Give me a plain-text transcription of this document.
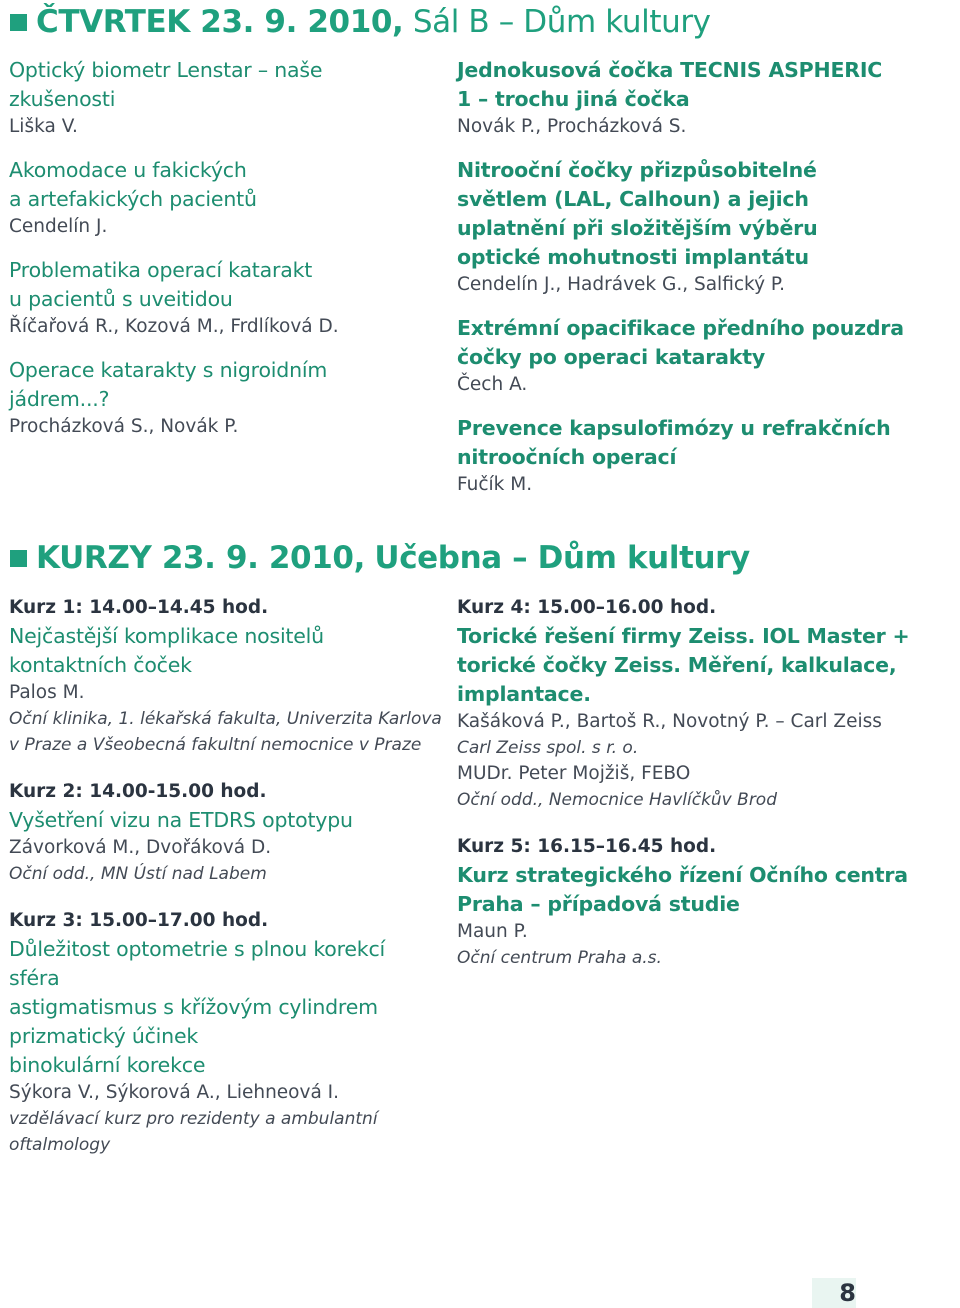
ČTVRTEK 23. 9. 2010, Sál B – Dům kultury
Optický biometr Lenstar – naše
zkušenosti
Liška V.
Akomodace u fakických
a artefakických pacientů
Cendelín J.
Problematika operací katarakt
u pacientů s uveitidou
Říčařová R., Kozová M., Frdlíková D.
Operace katarakty s nigroidním
jádrem...?
Procházková S., Novák P.
Jednokusová čočka TECNIS ASPHERIC
1 – trochu jiná čočka
Novák P., Procházková S.
Nitrooční čočky přizpůsobitelné
světlem (LAL, Calhoun) a jejich
uplatnění při složitějším výběru
optické mohutnosti implantátu
Cendelín J., Hadrávek G., Salfický P.
Extrémní opacifikace předního pouzdra
čočky po operaci katarakty
Čech A.
Prevence kapsulofimózy u refrakčních
nitroočních operací
Fučík M.
KURZY 23. 9. 2010, Učebna – Dům kultury
Kurz 1: 14.00–14.45 hod.
Nejčastější komplikace nositelů
kontaktních čoček
Palos M.
Oční klinika, 1. lékařská fakulta, Univerzita Karlova
v Praze a Všeobecná fakultní nemocnice v Praze
Kurz 2: 14.00-15.00 hod.
Vyšetření vizu na ETDRS optotypu
Závorková M., Dvořáková D.
Oční odd., MN Ústí nad Labem
Kurz 3: 15.00–17.00 hod.
Důležitost optometrie s plnou korekcí
sféra
astigmatismus s křížovým cylindrem
prizmatický účinek
binokulární korekce
Sýkora V., Sýkorová A., Liehneová I.
vzdělávací kurz pro rezidenty a ambulantní
oftalmology
Kurz 4: 15.00–16.00 hod.
Torické řešení firmy Zeiss. IOL Master +
torické čočky Zeiss. Měření, kalkulace,
implantace.
Kašáková P., Bartoš R., Novotný P. – Carl Zeiss
Carl Zeiss spol. s r. o.
MUDr. Peter Mojžiš, FEBO
Oční odd., Nemocnice Havlíčkův Brod
Kurz 5: 16.15–16.45 hod.
Kurz strategického řízení Očního centra
Praha – případová studie
Maun P.
Oční centrum Praha a.s.
8
